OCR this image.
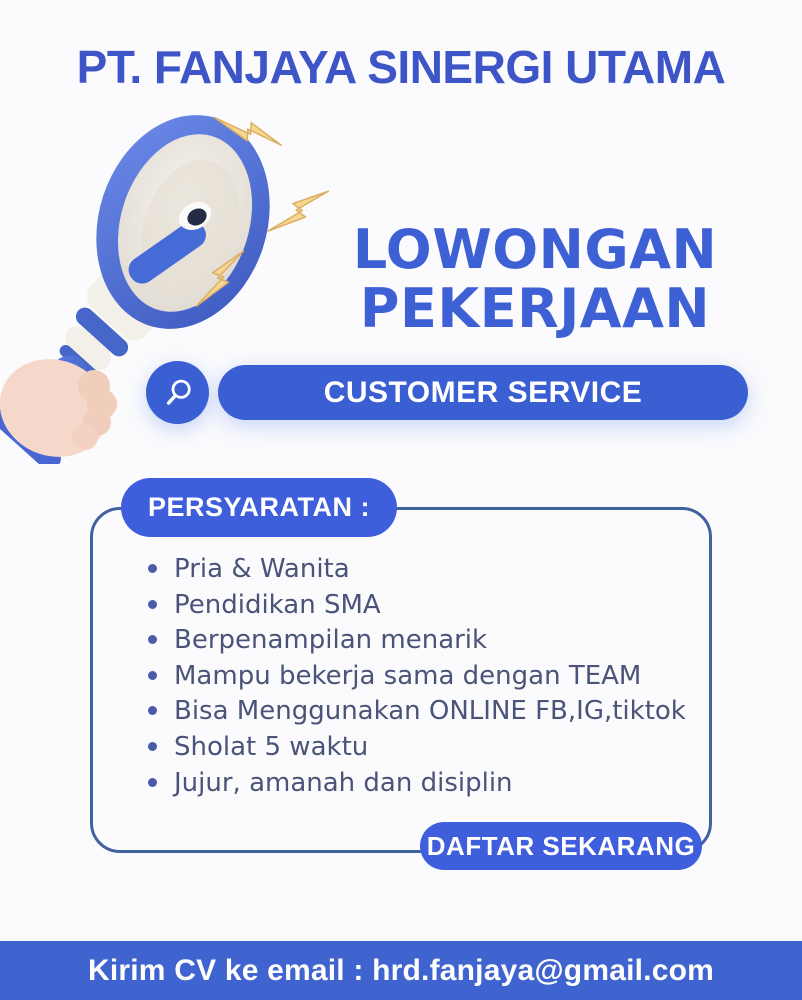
PT. FANJAYA SINERGI UTAMA
LOWONGAN
PEKERJAAN
CUSTOMER SERVICE
PERSYARATAN :
Pria & Wanita
Pendidikan SMA
Berpenampilan menarik
Mampu bekerja sama dengan TEAM
Bisa Menggunakan ONLINE FB,IG,tiktok
Sholat 5 waktu
Jujur, amanah dan disiplin
DAFTAR SEKARANG
Kirim CV ke email : hrd.fanjaya@gmail.com
